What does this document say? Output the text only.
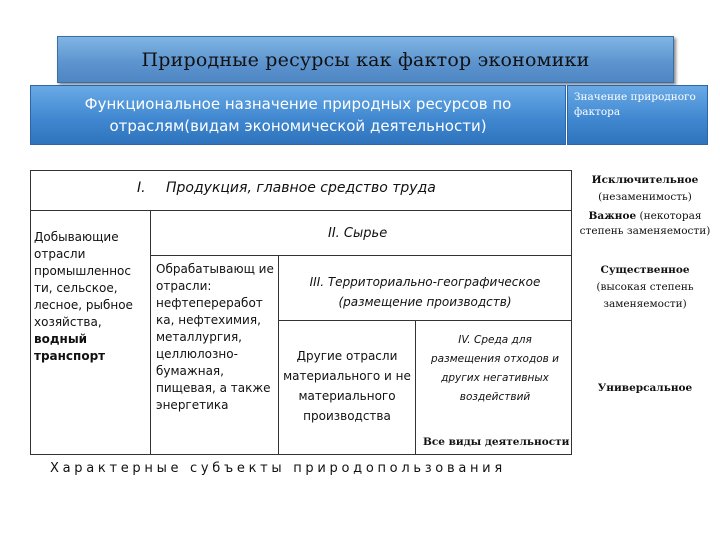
Природные ресурсы как фактор экономики
Функциональное назначение природных ресурсов по отраслям(видам экономической деятельности)
Значение природного фактора
I. Продукция, главное средство труда
Добывающие отрасли промышленнос ти, сельское, лесное, рыбное хозяйства, водный транспорт
II. Сырье
Обрабатывающ ие отрасли: нефтепереработ ка, нефтехимия, металлургия, целлюлозно-бумажная, пищевая, а также энергетика
III. Территориально-географическое (размещение производств)
Другие отрасли материального и не материального производства
IV. Среда для размещения отходов и других негативных воздействий
Все виды деятельности
Характерные субъекты природопользования
Исключительное (незаменимость)
Важное (некоторая степень заменяемости)
Существенное (высокая степень заменяемости)
Универсальное
